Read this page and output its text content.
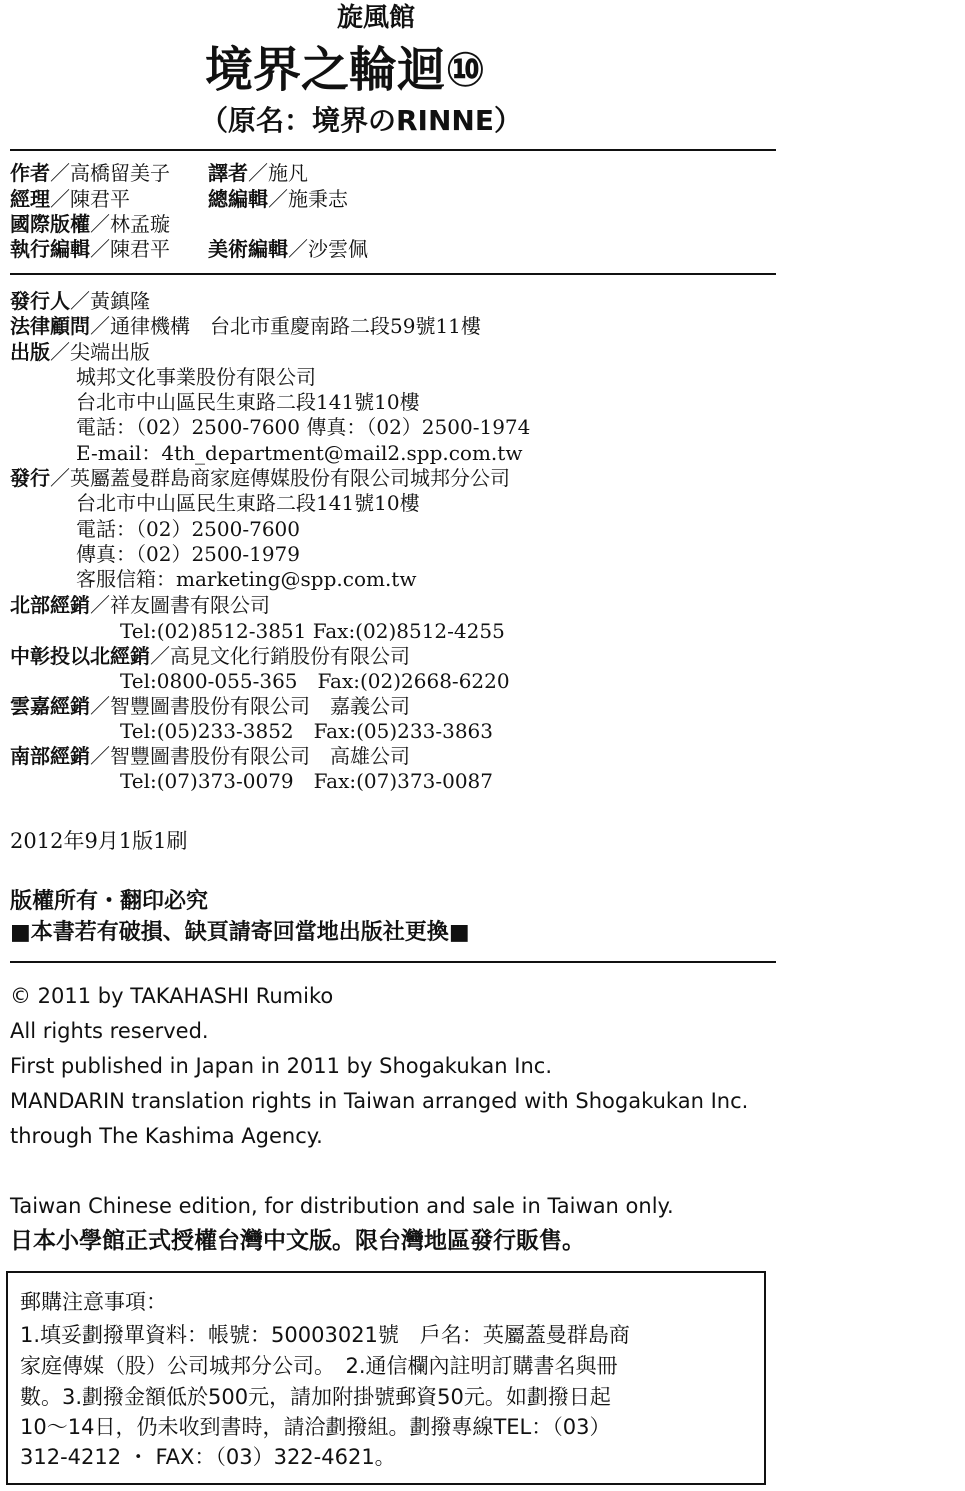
旋風館
境界之輪迴⑩
（原名：境界のRINNE）
作者／高橋留美子 譯者／施凡
經理／陳君平	總編輯／施秉志
國際版權／林孟璇
執行編輯／陳君平 美術編輯／沙雲佩
發行人／黃鎮隆
法律顧問／通律機構　台北市重慶南路二段59號11樓
出版／尖端出版
城邦文化事業股份有限公司
台北市中山區民生東路二段141號10樓
電話：（02）2500-7600 傳真：（02）2500-1974
E-mail：4th_department@mail2.spp.com.tw
發行／英屬蓋曼群島商家庭傳媒股份有限公司城邦分公司
台北市中山區民生東路二段141號10樓
電話：（02）2500-7600
傳真：（02）2500-1979
客服信箱：marketing@spp.com.tw
北部經銷／祥友圖書有限公司
Tel:(02)8512-3851 Fax:(02)8512-4255
中彰投以北經銷／高見文化行銷股份有限公司
Tel:0800-055-365　Fax:(02)2668-6220
雲嘉經銷／智豐圖書股份有限公司　嘉義公司
Tel:(05)233-3852　Fax:(05)233-3863
南部經銷／智豐圖書股份有限公司　高雄公司
Tel:(07)373-0079　Fax:(07)373-0087
2012年9月1版1刷
版權所有・翻印必究
■本書若有破損、缺頁請寄回當地出版社更換■
© 2011 by TAKAHASHI Rumiko
All rights reserved.
First published in Japan in 2011 by Shogakukan Inc.
MANDARIN translation rights in Taiwan arranged with Shogakukan Inc.
through The Kashima Agency.
Taiwan Chinese edition, for distribution and sale in Taiwan only.
日本小學館正式授權台灣中文版。限台灣地區發行販售。
郵購注意事項：
1.填妥劃撥單資料：帳號：50003021號　戶名：英屬蓋曼群島商
家庭傳媒（股）公司城邦分公司。　2.通信欄內註明訂購書名與冊
數。3.劃撥金額低於500元，請加附掛號郵資50元。如劃撥日起
10～14日，仍未收到書時，請洽劃撥組。劃撥專線TEL：（03）
312-4212 ・ FAX：（03）322-4621。
